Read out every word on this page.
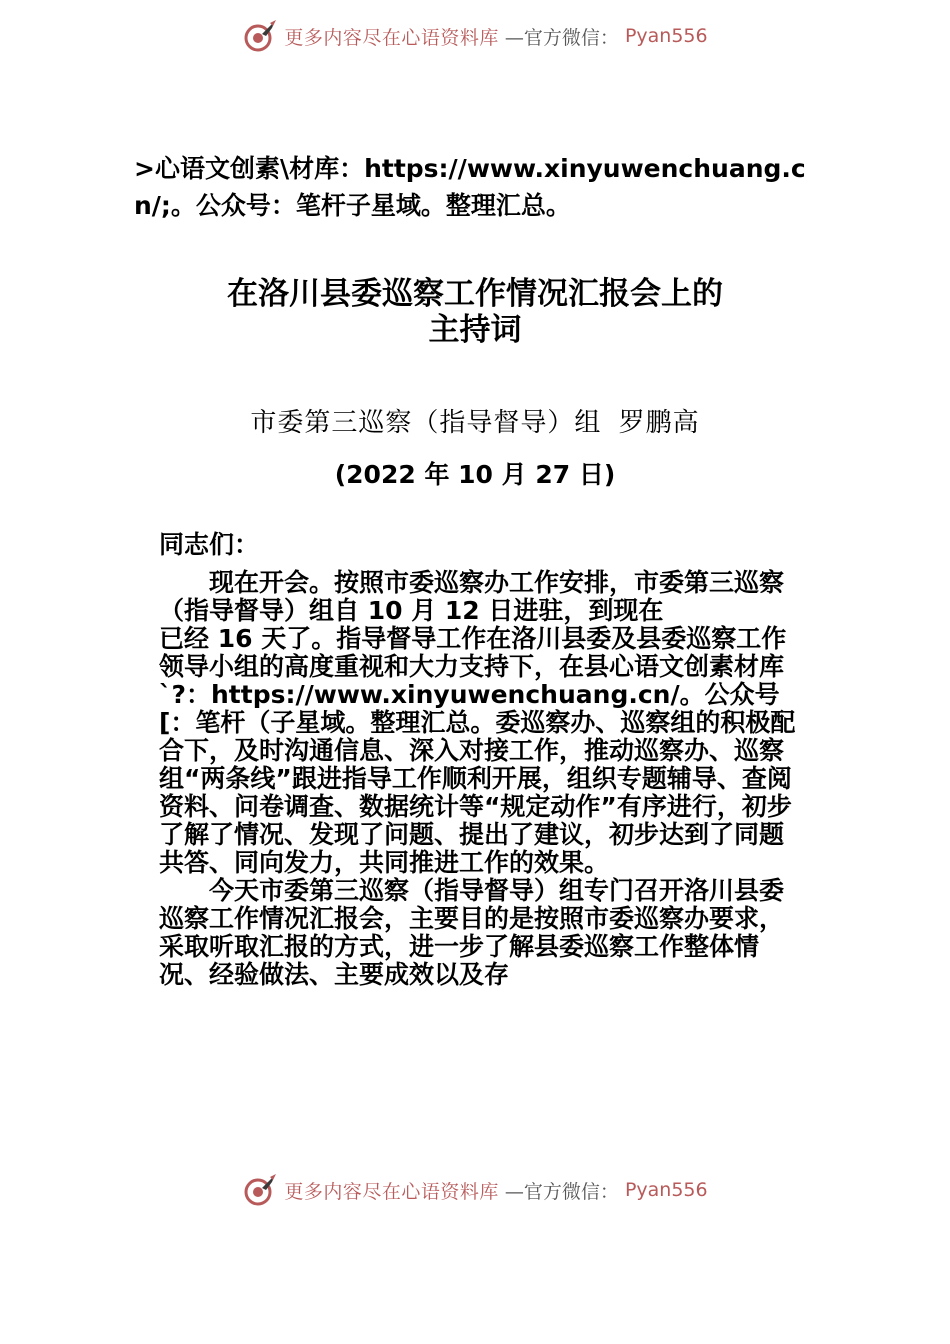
更多内容尽在心语资料库 —官方微信： Pyan556
>心语文创素\材库：https://www.xinyuwenchuang.cn/;。公众号：笔杆子星域。整理汇总。
在洛川县委巡察工作情况汇报会上的
主持词
市委第三巡察（指导督导）组 罗鹏高
(2022 年 10 月 27 日)

同志们：

现在开会。按照市委巡察办工作安排，市委第三巡察（指导督导）组自 10 月 12 日进驻，到现在
已经 16 天了。指导督导工作在洛川县委及县委巡察工作领导小组的高度重视和大力支持下，在县心语文创素材库`?：https://www.xinyuwenchuang.cn/。公众号[：笔杆（子星域。整理汇总。委巡察办、巡察组的积极配合下，及时沟通信息、深入对接工作，推动巡察办、巡察组“两条线”跟进指导工作顺利开展，组织专题辅导、查阅资料、问卷调查、数据统计等“规定动作”有序进行，初步了解了情况、发现了问题、提出了建议，初步达到了同题共答、同向发力，共同推进工作的效果。

今天市委第三巡察（指导督导）组专门召开洛川县委巡察工作情况汇报会，主要目的是按照市委巡察办要求，采取听取汇报的方式，进一步了解县委巡察工作整体情况、经验做法、主要成效以及存

更多内容尽在心语资料库 —官方微信： Pyan556
